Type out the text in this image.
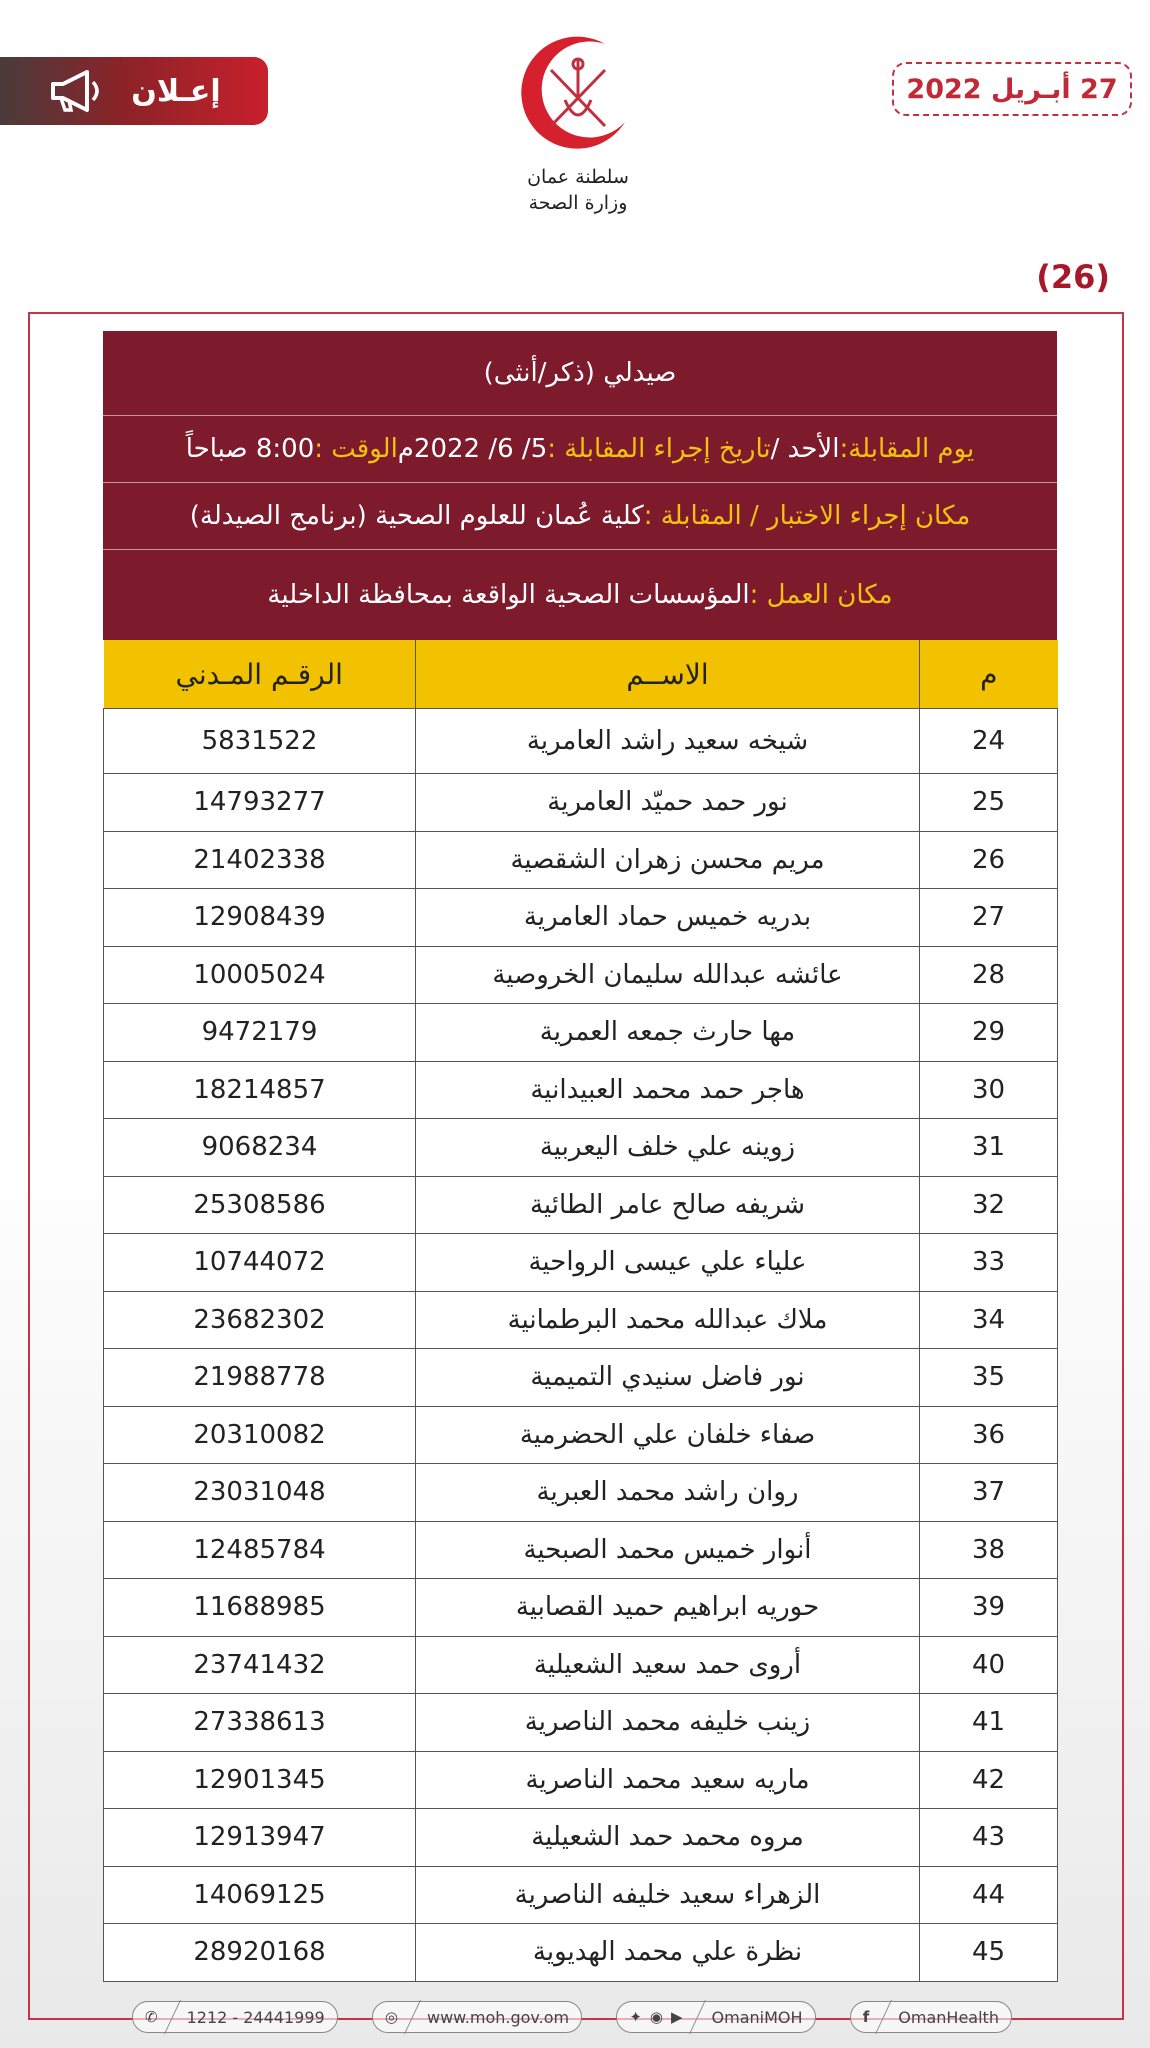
إعـلان
سلطنة عمان
وزارة الصحة
27 أبـريل 2022
(26)
صيدلي (ذكر/أنثى)
يوم المقابلة:
الأحد /
تاريخ إجراء المقابلة :
5/ 6/ 2022م
الوقت :
8:00 صباحاً
مكان إجراء الاختبار / المقابلة :
كلية عُمان للعلوم الصحية (برنامج الصيدلة)
مكان العمل :
المؤسسات الصحية الواقعة بمحافظة الداخلية
م	الاســم	الرقـم المـدني
24	شيخه سعيد راشد العامرية	5831522
25	نور حمد حميّد العامرية	14793277
26	مريم محسن زهران الشقصية	21402338
27	بدريه خميس حماد العامرية	12908439
28	عائشه عبدالله سليمان الخروصية	10005024
29	مها حارث جمعه العمرية	9472179
30	هاجر حمد محمد العبيدانية	18214857
31	زوينه علي خلف اليعربية	9068234
32	شريفه صالح عامر الطائية	25308586
33	علياء علي عيسى الرواحية	10744072
34	ملاك عبدالله محمد البرطمانية	23682302
35	نور فاضل سنيدي التميمية	21988778
36	صفاء خلفان علي الحضرمية	20310082
37	روان راشد محمد العبرية	23031048
38	أنوار خميس محمد الصبحية	12485784
39	حوريه ابراهيم حميد القصابية	11688985
40	أروى حمد سعيد الشعيلية	23741432
41	زينب خليفه محمد الناصرية	27338613
42	ماريه سعيد محمد الناصرية	12901345
43	مروه محمد حمد الشعيلية	12913947
44	الزهراء سعيد خليفه الناصرية	14069125
45	نظرة علي محمد الهديوية	28920168
✆ 1212 - 24441999	◎ www.moh.gov.om	✦ ◉ ▶ OmaniMOH	f OmanHealth
